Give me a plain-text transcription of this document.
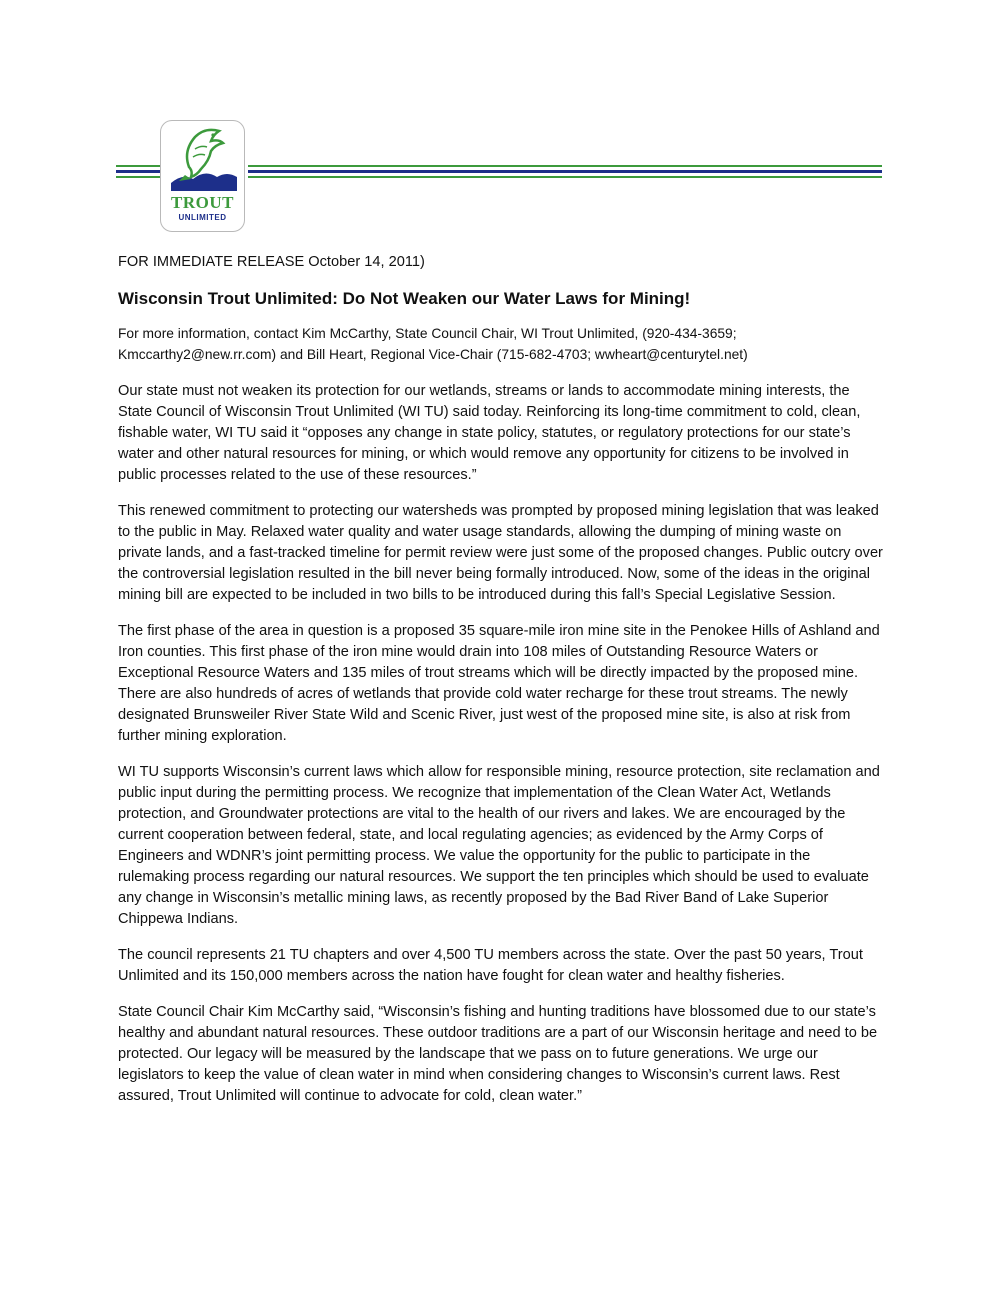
TROUT
UNLIMITED

FOR IMMEDIATE RELEASE October 14, 2011)

Wisconsin Trout Unlimited: Do Not Weaken our Water Laws for Mining!

For more information, contact Kim McCarthy, State Council Chair, WI Trout Unlimited, (920-434-3659; Kmccarthy2@new.rr.com) and Bill Heart, Regional Vice-Chair (715-682-4703; wwheart@centurytel.net)

Our state must not weaken its protection for our wetlands, streams or lands to accommodate mining interests, the State Council of Wisconsin Trout Unlimited (WI TU) said today. Reinforcing its long-time commitment to cold, clean, fishable water, WI TU said it “opposes any change in state policy, statutes, or regulatory protections for our state’s water and other natural resources for mining, or which would remove any opportunity for citizens to be involved in public processes related to the use of these resources.”

This renewed commitment to protecting our watersheds was prompted by proposed mining legislation that was leaked to the public in May. Relaxed water quality and water usage standards, allowing the dumping of mining waste on private lands, and a fast-tracked timeline for permit review were just some of the proposed changes. Public outcry over the controversial legislation resulted in the bill never being formally introduced. Now, some of the ideas in the original mining bill are expected to be included in two bills to be introduced during this fall’s Special Legislative Session.

The first phase of the area in question is a proposed 35 square-mile iron mine site in the Penokee Hills of Ashland and Iron counties. This first phase of the iron mine would drain into 108 miles of Outstanding Resource Waters or Exceptional Resource Waters and 135 miles of trout streams which will be directly impacted by the proposed mine. There are also hundreds of acres of wetlands that provide cold water recharge for these trout streams. The newly designated Brunsweiler River State Wild and Scenic River, just west of the proposed mine site, is also at risk from further mining exploration.

WI TU supports Wisconsin’s current laws which allow for responsible mining, resource protection, site reclamation and public input during the permitting process. We recognize that implementation of the Clean Water Act, Wetlands protection, and Groundwater protections are vital to the health of our rivers and lakes. We are encouraged by the current cooperation between federal, state, and local regulating agencies; as evidenced by the Army Corps of Engineers and WDNR’s joint permitting process. We value the opportunity for the public to participate in the rulemaking process regarding our natural resources. We support the ten principles which should be used to evaluate any change in Wisconsin’s metallic mining laws, as recently proposed by the Bad River Band of Lake Superior Chippewa Indians.

The council represents 21 TU chapters and over 4,500 TU members across the state. Over the past 50 years, Trout Unlimited and its 150,000 members across the nation have fought for clean water and healthy fisheries.

State Council Chair Kim McCarthy said, “Wisconsin’s fishing and hunting traditions have blossomed due to our state’s healthy and abundant natural resources. These outdoor traditions are a part of our Wisconsin heritage and need to be protected. Our legacy will be measured by the landscape that we pass on to future generations. We urge our legislators to keep the value of clean water in mind when considering changes to Wisconsin’s current laws. Rest assured, Trout Unlimited will continue to advocate for cold, clean water.”
